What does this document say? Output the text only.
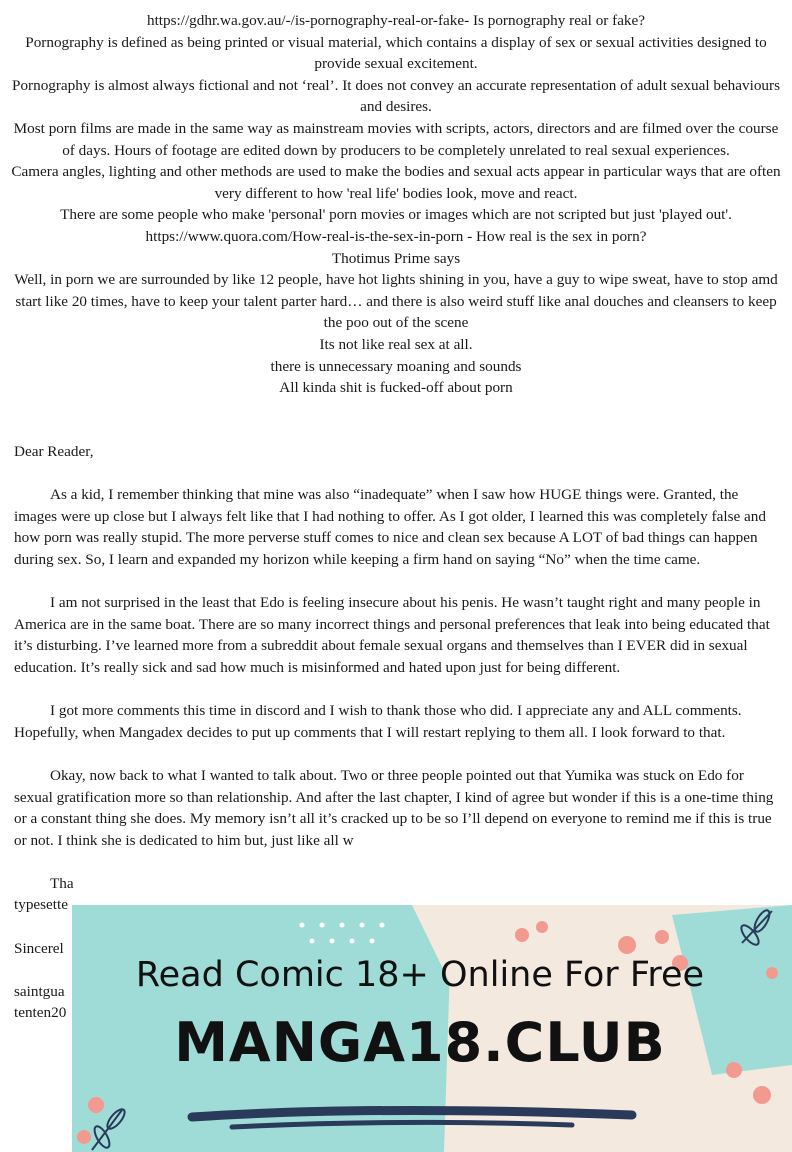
https://gdhr.wa.gov.au/-/is-pornography-real-or-fake- Is pornography real or fake?

Pornography is defined as being printed or visual material, which contains a display of sex or sexual activities designed to provide sexual excitement.

Pornography is almost always fictional and not ‘real’. It does not convey an accurate representation of adult sexual behaviours and desires.

Most porn films are made in the same way as mainstream movies with scripts, actors, directors and are filmed over the course of days. Hours of footage are edited down by producers to be completely unrelated to real sexual experiences.

Camera angles, lighting and other methods are used to make the bodies and sexual acts appear in particular ways that are often very different to how 'real life' bodies look, move and react.

There are some people who make 'personal' porn movies or images which are not scripted but just 'played out'.

https://www.quora.com/How-real-is-the-sex-in-porn - How real is the sex in porn?

Thotimus Prime says

Well, in porn we are surrounded by like 12 people, have hot lights shining in you, have a guy to wipe sweat, have to stop amd start like 20 times, have to keep your talent parter hard… and there is also weird stuff like anal douches and cleansers to keep the poo out of the scene

Its not like real sex at all.

there is unnecessary moaning and sounds

All kinda shit is fucked-off about porn

Dear Reader,

As a kid, I remember thinking that mine was also “inadequate” when I saw how HUGE things were. Granted, the images were up close but I always felt like that I had nothing to offer. As I got older, I learned this was completely false and how porn was really stupid. The more perverse stuff comes to nice and clean sex because A LOT of bad things can happen during sex. So, I learn and expanded my horizon while keeping a firm hand on saying “No” when the time came.

I am not surprised in the least that Edo is feeling insecure about his penis. He wasn’t taught right and many people in America are in the same boat. There are so many incorrect things and personal preferences that leak into being educated that it’s disturbing. I’ve learned more from a subreddit about female sexual organs and themselves than I EVER did in sexual education. It’s really sick and sad how much is misinformed and hated upon just for being different.

I got more comments this time in discord and I wish to thank those who did. I appreciate any and ALL comments. Hopefully, when Mangadex decides to put up comments that I will restart replying to them all. I look forward to that.

Okay, now back to what I wanted to talk about. Two or three people pointed out that Yumika was stuck on Edo for sexual gratification more so than relationship. And after the last chapter, I kind of agree but wonder if this is a one-time thing or a constant thing she does. My memory isn’t all it’s cracked up to be so I’ll depend on everyone to remind me if this is true or not. I think she is dedicated to him but, just like all w

Tha

typesette

Sincerel

saintgua

tenten20

Read Comic 18+ Online For Free
MANGA18.CLUB
